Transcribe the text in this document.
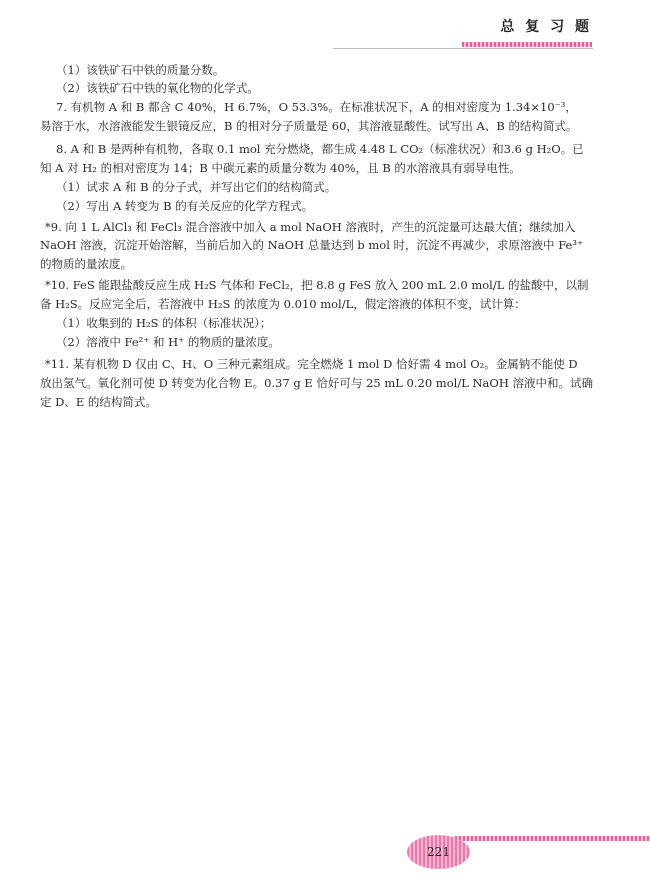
总 复 习 题
（1）该铁矿石中铁的质量分数。
（2）该铁矿石中铁的氧化物的化学式。
7. 有机物 A 和 B 都含 C 40%，H 6.7%，O 53.3%。在标准状况下，A 的相对密度为 1.34×10⁻³，
易溶于水，水溶液能发生银镜反应，B 的相对分子质量是 60，其溶液显酸性。试写出 A、B 的结构简式。
8. A 和 B 是两种有机物，各取 0.1 mol 充分燃烧，都生成 4.48 L CO₂（标准状况）和3.6 g H₂O。已
知 A 对 H₂ 的相对密度为 14；B 中碳元素的质量分数为 40%，且 B 的水溶液具有弱导电性。
（1）试求 A 和 B 的分子式，并写出它们的结构简式。
（2）写出 A 转变为 B 的有关反应的化学方程式。
*9. 向 1 L AlCl₃ 和 FeCl₃ 混合溶液中加入 a mol NaOH 溶液时，产生的沉淀量可达最大值；继续加入
NaOH 溶液，沉淀开始溶解，当前后加入的 NaOH 总量达到 b mol 时，沉淀不再减少，求原溶液中 Fe³⁺
的物质的量浓度。
*10. FeS 能跟盐酸反应生成 H₂S 气体和 FeCl₂，把 8.8 g FeS 放入 200 mL 2.0 mol/L 的盐酸中，以制
备 H₂S。反应完全后，若溶液中 H₂S 的浓度为 0.010 mol/L，假定溶液的体积不变，试计算：
（1）收集到的 H₂S 的体积（标准状况）；
（2）溶液中 Fe²⁺ 和 H⁺ 的物质的量浓度。
*11. 某有机物 D 仅由 C、H、O 三种元素组成。完全燃烧 1 mol D 恰好需 4 mol O₂。金属钠不能使 D
放出氢气。氧化剂可使 D 转变为化合物 E。0.37 g E 恰好可与 25 mL 0.20 mol/L NaOH 溶液中和。试确
定 D、E 的结构简式。
221
